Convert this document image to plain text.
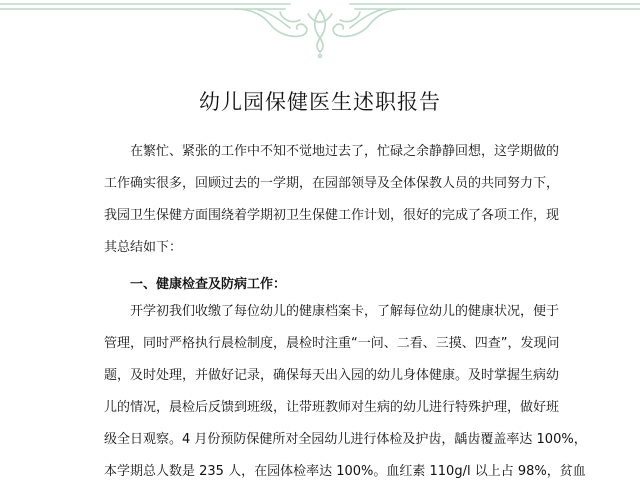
幼儿园保健医生述职报告
在繁忙、紧张的工作中不知不觉地过去了，忙碌之余静静回想，这学期做的
工作确实很多，回顾过去的一学期，在园部领导及全体保教人员的共同努力下，
我园卫生保健方面围绕着学期初卫生保健工作计划，很好的完成了各项工作，现
其总结如下：
一、健康检查及防病工作：
开学初我们收缴了每位幼儿的健康档案卡，了解每位幼儿的健康状况，便于
管理，同时严格执行晨检制度，晨检时注重“一问、二看、三摸、四查”，发现问
题，及时处理，并做好记录，确保每天出入园的幼儿身体健康。及时掌握生病幼
儿的情况，晨检后反馈到班级，让带班教师对生病的幼儿进行特殊护理，做好班
级全日观察。4 月份预防保健所对全园幼儿进行体检及护齿，龋齿覆盖率达 100%，
本学期总人数是 235 人，在园体检率达 100%。血红素 110g/l 以上占 98%，贫血
